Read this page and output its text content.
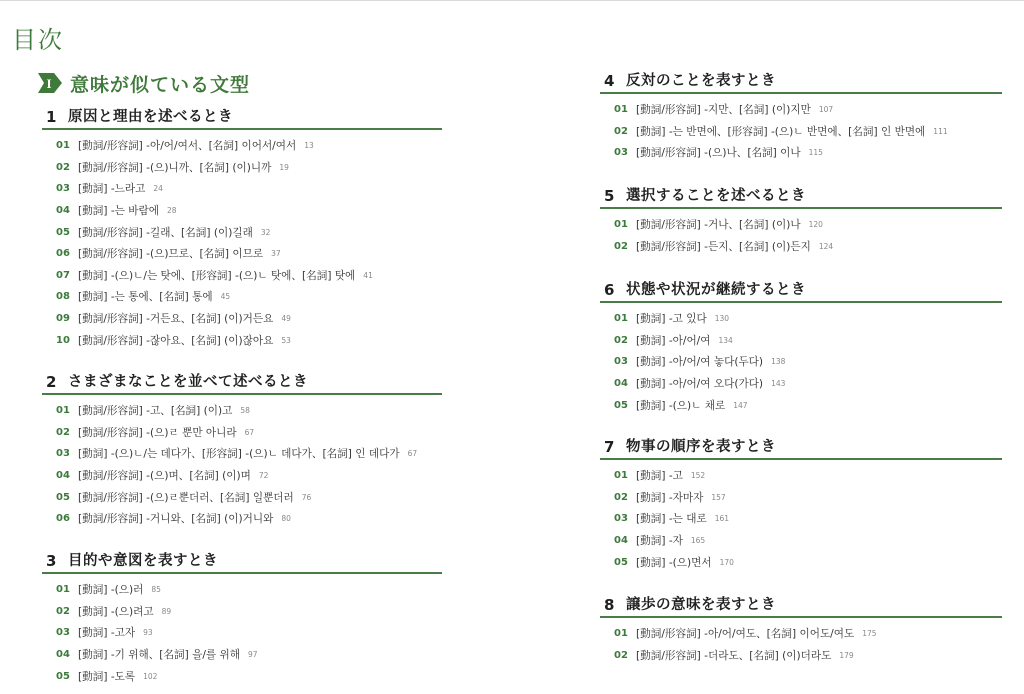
目次
I 意味が似ている文型
1 原因と理由を述べるとき
01 [動詞/形容詞] -아/어/여서、[名詞] 이어서/여서 13
02 [動詞/形容詞] -(으)니까、[名詞] (이)니까 19
03 [動詞] -느라고 24
04 [動詞] -는 바람에 28
05 [動詞/形容詞] -길래、[名詞] (이)길래 32
06 [動詞/形容詞] -(으)므로、[名詞] 이므로 37
07 [動詞] -(으)ㄴ/는 탓에、[形容詞] -(으)ㄴ 탓에、[名詞] 탓에 41
08 [動詞] -는 통에、[名詞] 통에 45
09 [動詞/形容詞] -거든요、[名詞] (이)거든요 49
10 [動詞/形容詞] -잖아요、[名詞] (이)잖아요 53
2 さまざまなことを並べて述べるとき
01 [動詞/形容詞] -고、[名詞] (이)고 58
02 [動詞/形容詞] -(으)ㄹ 뿐만 아니라 67
03 [動詞] -(으)ㄴ/는 데다가、[形容詞] -(으)ㄴ 데다가、[名詞] 인 데다가 67
04 [動詞/形容詞] -(으)며、[名詞] (이)며 72
05 [動詞/形容詞] -(으)ㄹ뿐더러、[名詞] 일뿐더러 76
06 [動詞/形容詞] -거니와、[名詞] (이)거니와 80
3 目的や意図を表すとき
01 [動詞] -(으)러 85
02 [動詞] -(으)려고 89
03 [動詞] -고자 93
04 [動詞] -기 위해、[名詞] 을/를 위해 97
05 [動詞] -도록 102
4 反対のことを表すとき
01 [動詞/形容詞] -지만、[名詞] (이)지만 107
02 [動詞] -는 반면에、[形容詞] -(으)ㄴ 반면에、[名詞] 인 반면에 111
03 [動詞/形容詞] -(으)나、[名詞] 이나 115
5 選択することを述べるとき
01 [動詞/形容詞] -거나、[名詞] (이)나 120
02 [動詞/形容詞] -든지、[名詞] (이)든지 124
6 状態や状況が継続するとき
01 [動詞] -고 있다 130
02 [動詞] -아/어/여 134
03 [動詞] -아/어/여 놓다(두다) 138
04 [動詞] -아/어/여 오다(가다) 143
05 [動詞] -(으)ㄴ 채로 147
7 物事の順序を表すとき
01 [動詞] -고 152
02 [動詞] -자마자 157
03 [動詞] -는 대로 161
04 [動詞] -자 165
05 [動詞] -(으)면서 170
8 譲歩の意味を表すとき
01 [動詞/形容詞] -아/어/여도、[名詞] 이어도/여도 175
02 [動詞/形容詞] -더라도、[名詞] (이)더라도 179
